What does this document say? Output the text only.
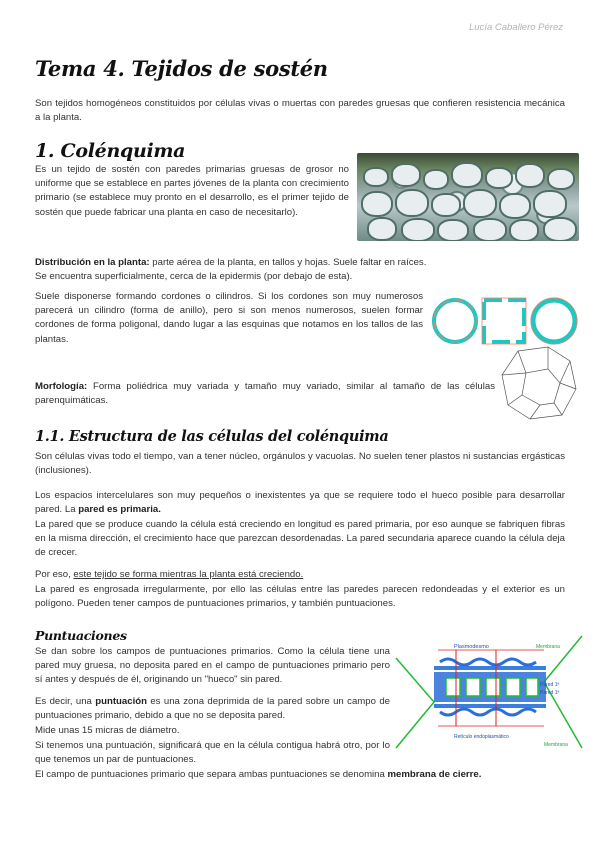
Lucía Caballero Pérez
Tema 4. Tejidos de sostén
Son tejidos homogéneos constituidos por células vivas o muertas con paredes gruesas que confieren resistencia mecánica a la planta.
1. Colénquima
Es un tejido de sostén con paredes primarias gruesas de grosor no uniforme que se establece en partes jóvenes de la planta con crecimiento primario (se establece muy pronto en el desarrollo, es el primer tejido de sostén que puede fabricar una planta en caso de necesitarlo).
Distribución en la planta: parte aérea de la planta, en tallos y hojas. Suele faltar en raíces.
Se encuentra superficialmente, cerca de la epidermis (por debajo de esta).
Suele disponerse formando cordones o cilindros. Si los cordones son muy numerosos parecerá un cilindro (forma de anillo), pero si son menos numerosos, suelen formar cordones de forma poligonal, dando lugar a las esquinas que notamos en los tallos de las plantas.
Morfología: Forma poliédrica muy variada y tamaño muy variado, similar al tamaño de las células parenquimáticas.
1.1. Estructura de las células del colénquima
Son células vivas todo el tiempo, van a tener núcleo, orgánulos y vacuolas. No suelen tener plastos ni sustancias ergásticas (inclusiones).
Los espacios intercelulares son muy pequeños o inexistentes ya que se requiere todo el hueco posible para desarrollar pared. La pared es primaria.
La pared que se produce cuando la célula está creciendo en longitud es pared primaria, por eso aunque se fabriquen fibras en la misma dirección, el crecimiento hace que parezcan desordenadas. La pared secundaria aparece cuando la célula deja de crecer.
Por eso, este tejido se forma mientras la planta está creciendo.
La pared es engrosada irregularmente, por ello las células entre las paredes parecen redondeadas y el exterior es un polígono. Pueden tener campos de puntuaciones primarios, y también puntuaciones.
Puntuaciones
Se dan sobre los campos de puntuaciones primarios. Como la célula tiene una pared muy gruesa, no deposita pared en el campo de puntuaciones primario pero sí antes y después de él, originando un "hueco" sin pared.
Es decir, una puntuación es una zona deprimida de la pared sobre un campo de puntuaciones primario, debido a que no se deposita pared.
Mide unas 15 micras de diámetro.
Si tenemos una puntuación, significará que en la célula contigua habrá otro, por lo que tenemos un par de puntuaciones.
El campo de puntuaciones primario que separa ambas puntuaciones se denomina membrana de cierre.
Plasmodesmo	Membrana
Pared 1ª
Pared 1ª
Retículo endoplasmático
Membrana
